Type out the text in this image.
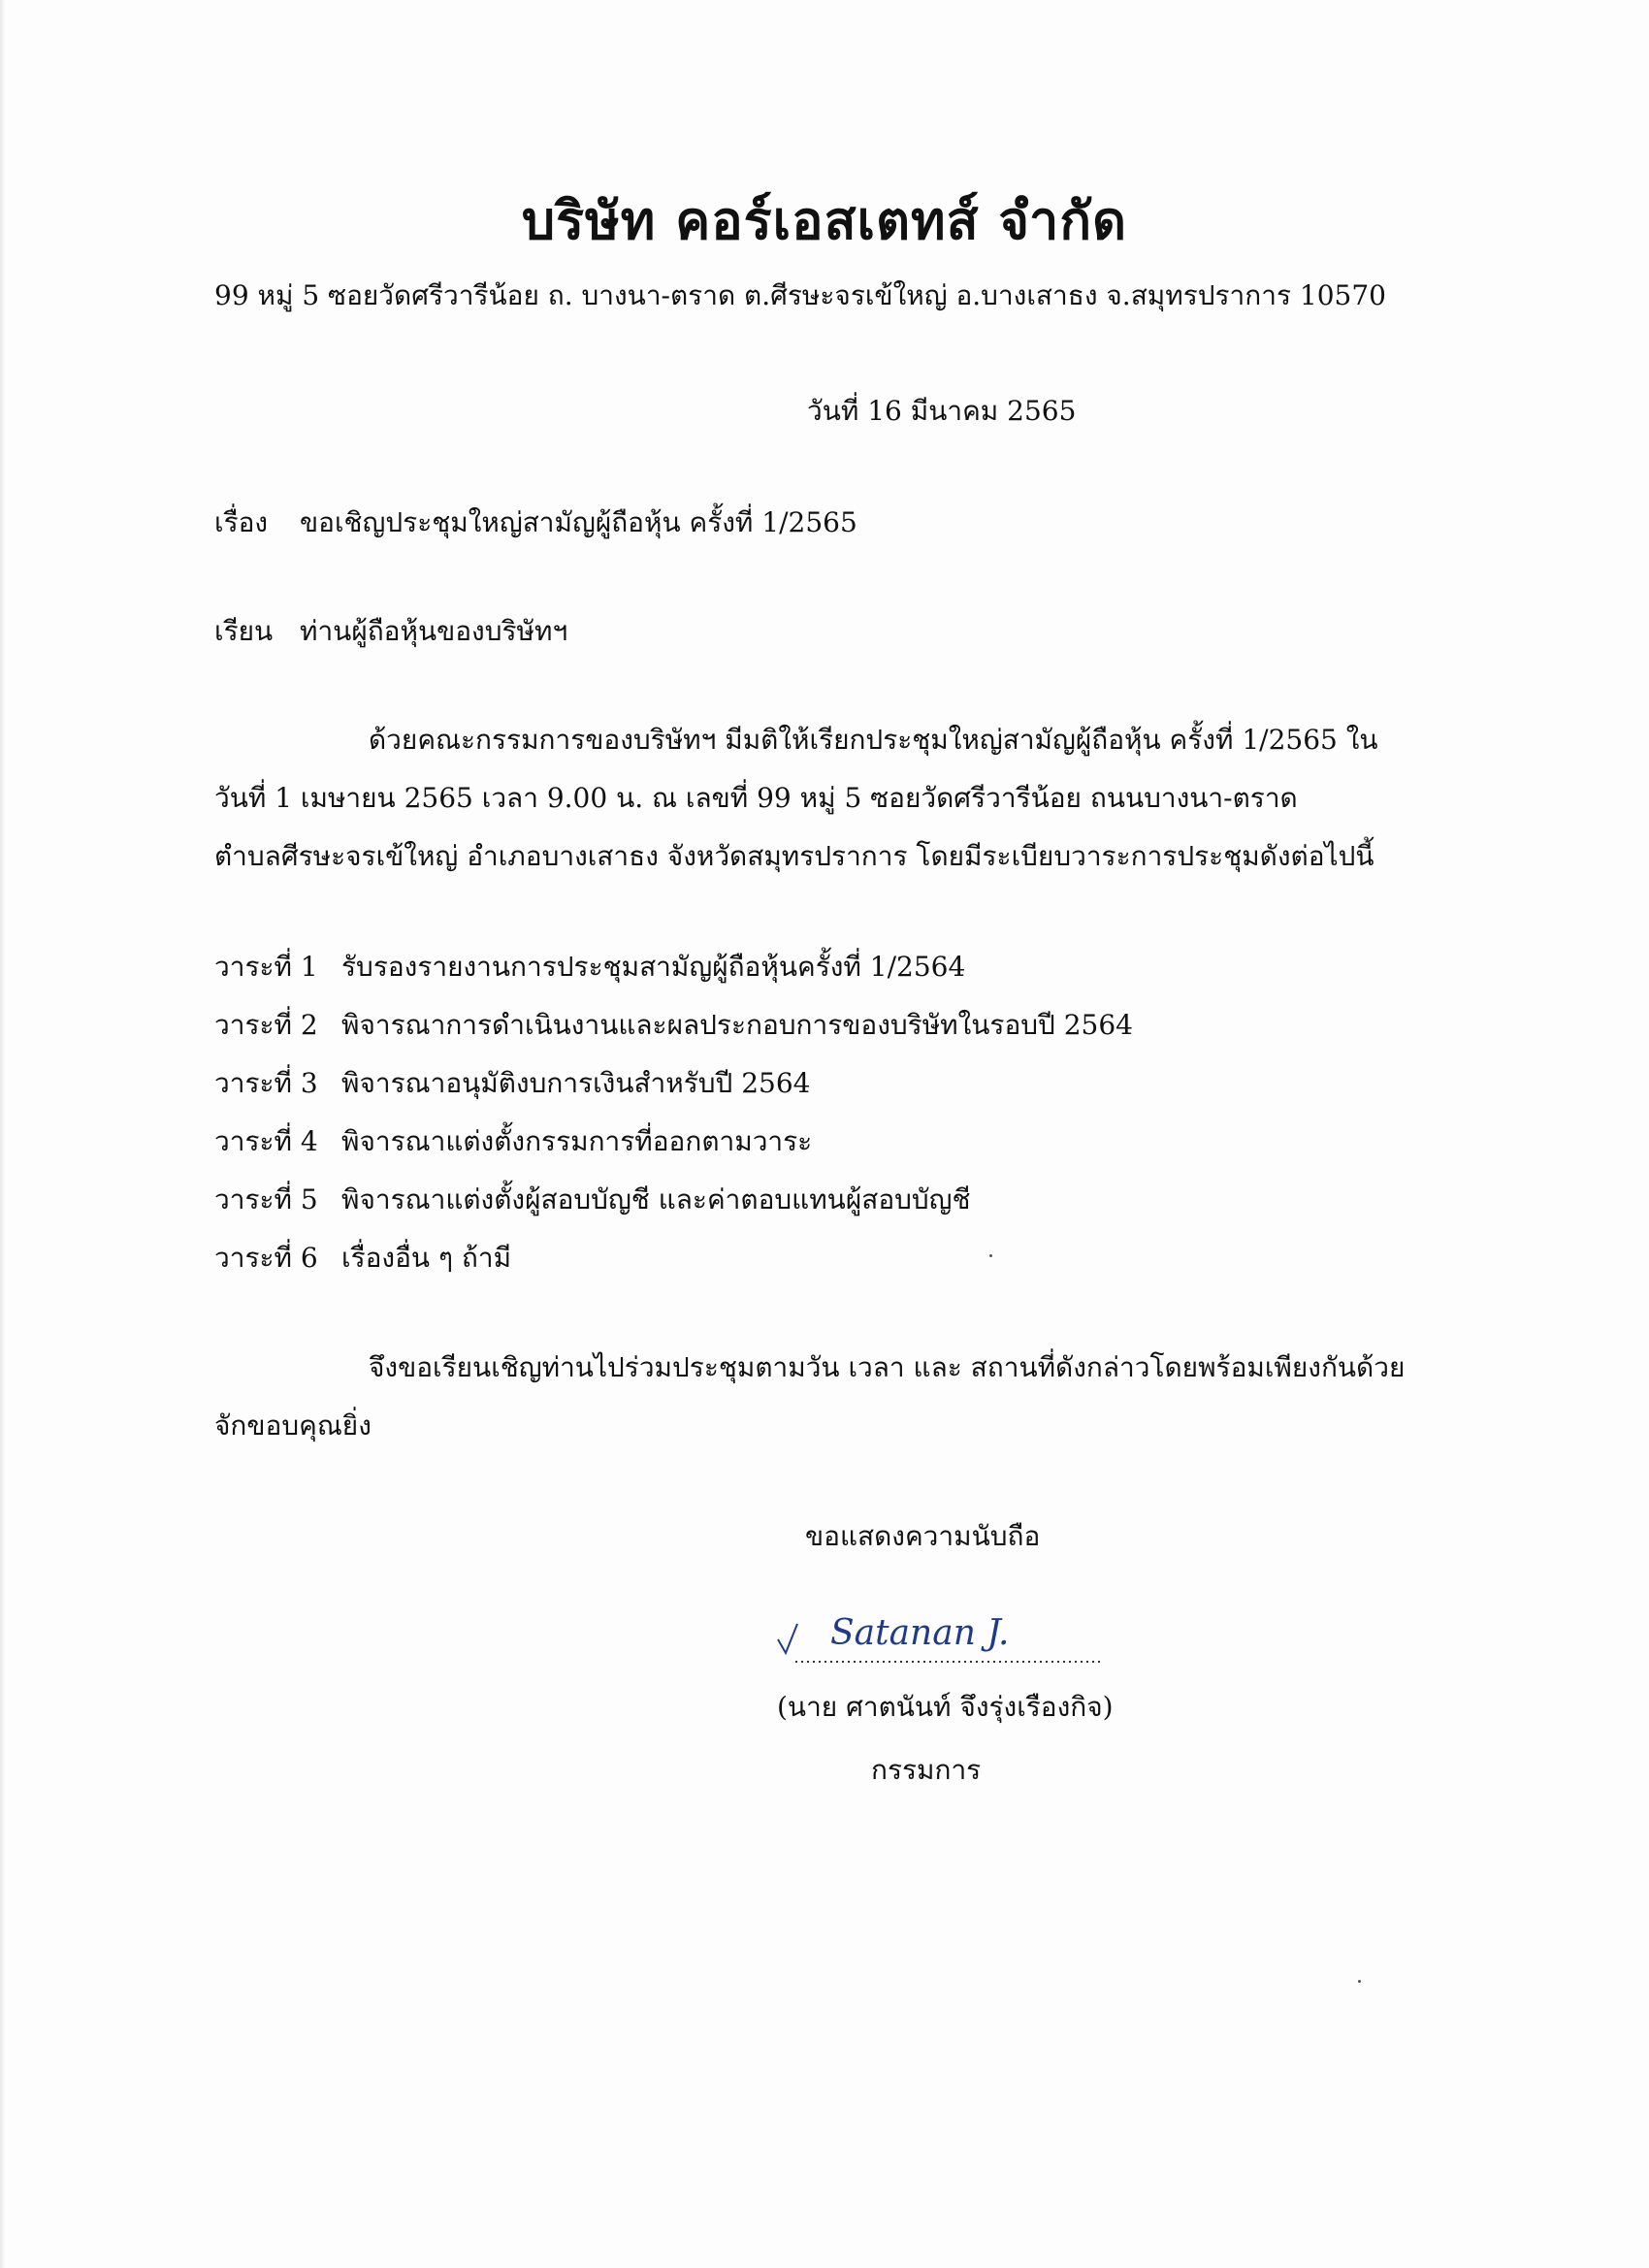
บริษัท คอร์เอสเตทส์ จำกัด
99 หมู่ 5 ซอยวัดศรีวารีน้อย ถ. บางนา-ตราด ต.ศีรษะจรเข้ใหญ่ อ.บางเสาธง จ.สมุทรปราการ 10570
วันที่ 16 มีนาคม 2565
เรื่อง ขอเชิญประชุมใหญ่สามัญผู้ถือหุ้น ครั้งที่ 1/2565
เรียน ท่านผู้ถือหุ้นของบริษัทฯ
ด้วยคณะกรรมการของบริษัทฯ มีมติให้เรียกประชุมใหญ่สามัญผู้ถือหุ้น ครั้งที่ 1/2565 ใน
วันที่ 1 เมษายน 2565 เวลา 9.00 น. ณ เลขที่ 99 หมู่ 5 ซอยวัดศรีวารีน้อย ถนนบางนา-ตราด
ตำบลศีรษะจรเข้ใหญ่ อำเภอบางเสาธง จังหวัดสมุทรปราการ โดยมีระเบียบวาระการประชุมดังต่อไปนี้
วาระที่ 1 รับรองรายงานการประชุมสามัญผู้ถือหุ้นครั้งที่ 1/2564
วาระที่ 2 พิจารณาการดำเนินงานและผลประกอบการของบริษัทในรอบปี 2564
วาระที่ 3 พิจารณาอนุมัติงบการเงินสำหรับปี 2564
วาระที่ 4 พิจารณาแต่งตั้งกรรมการที่ออกตามวาระ
วาระที่ 5 พิจารณาแต่งตั้งผู้สอบบัญชี และค่าตอบแทนผู้สอบบัญชี
วาระที่ 6 เรื่องอื่น ๆ ถ้ามี
จึงขอเรียนเชิญท่านไปร่วมประชุมตามวัน เวลา และ สถานที่ดังกล่าวโดยพร้อมเพียงกันด้วย
จักขอบคุณยิ่ง
ขอแสดงความนับถือ
Satanan J.
(นาย ศาตนันท์ จึงรุ่งเรืองกิจ)
กรรมการ
